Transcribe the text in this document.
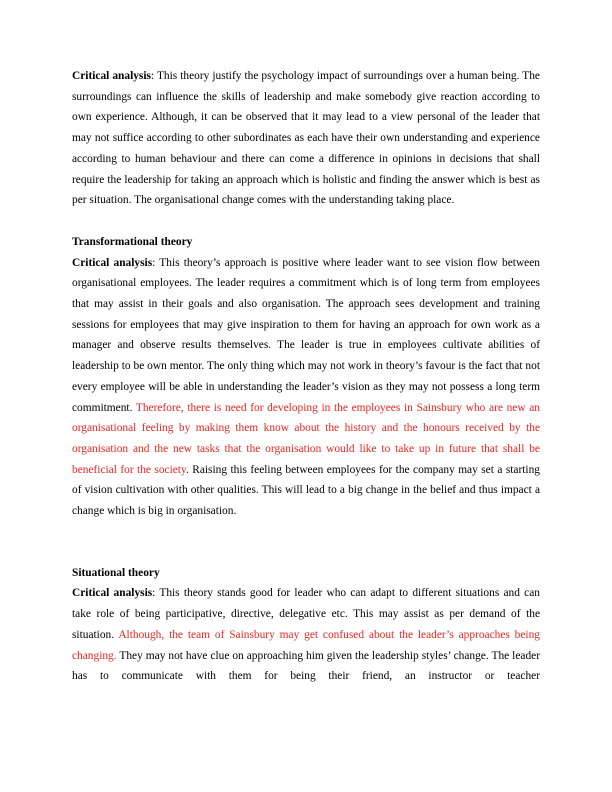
Critical analysis: This theory justify the psychology impact of surroundings over a human being. The surroundings can influence the skills of leadership and make somebody give reaction according to own experience. Although, it can be observed that it may lead to a view personal of the leader that may not suffice according to other subordinates as each have their own understanding and experience according to human behaviour and there can come a difference in opinions in decisions that shall require the leadership for taking an approach which is holistic and finding the answer which is best as per situation. The organisational change comes with the understanding taking place.

Transformational theory

Critical analysis: This theory’s approach is positive where leader want to see vision flow between organisational employees. The leader requires a commitment which is of long term from employees that may assist in their goals and also organisation. The approach sees development and training sessions for employees that may give inspiration to them for having an approach for own work as a manager and observe results themselves. The leader is true in employees cultivate abilities of leadership to be own mentor. The only thing which may not work in theory’s favour is the fact that not every employee will be able in understanding the leader’s vision as they may not possess a long term commitment. Therefore, there is need for developing in the employees in Sainsbury who are new an organisational feeling by making them know about the history and the honours received by the organisation and the new tasks that the organisation would like to take up in future that shall be beneficial for the society. Raising this feeling between employees for the company may set a starting of vision cultivation with other qualities. This will lead to a big change in the belief and thus impact a change which is big in organisation.

Situational theory

Critical analysis: This theory stands good for leader who can adapt to different situations and can take role of being participative, directive, delegative etc. This may assist as per demand of the situation. Although, the team of Sainsbury may get confused about the leader’s approaches being changing. They may not have clue on approaching him given the leadership styles’ change. The leader has to communicate with them for being their friend, an instructor or teacher
